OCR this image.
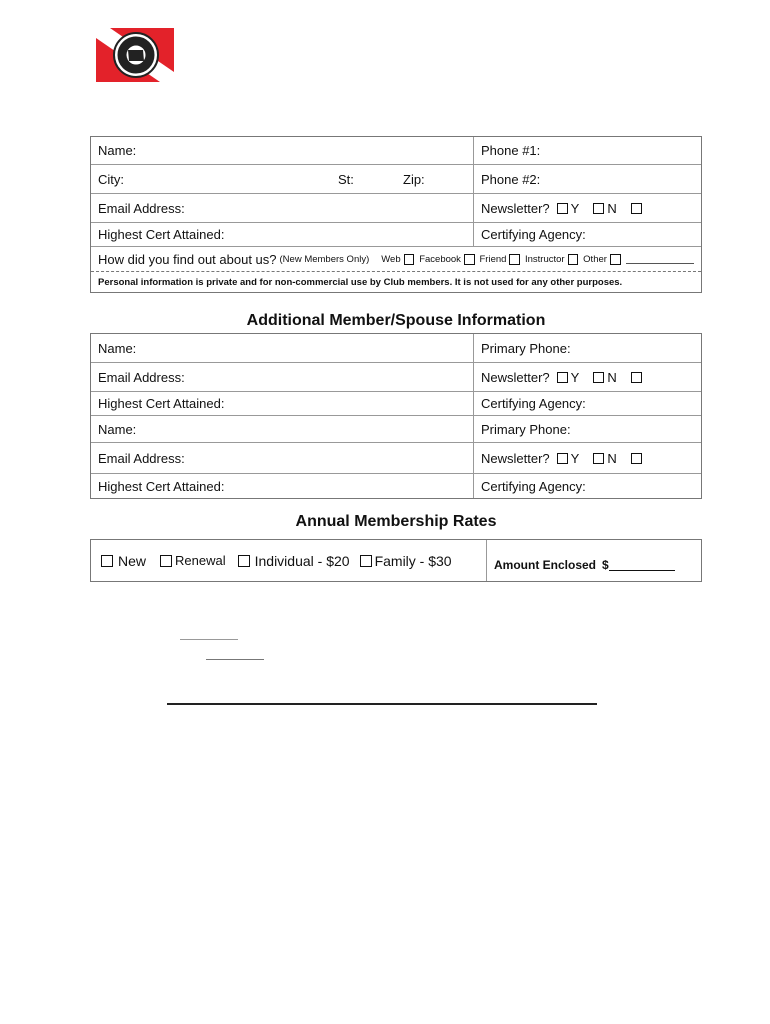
Name:	Phone #1:
City:	St:	Zip:	Phone #2:
Email Address:	Newsletter? Y N
Highest Cert Attained:	Certifying Agency:
How did you find out about us? (New Members Only) Web Facebook Friend Instructor Other
Personal information is private and for non-commercial use by Club members. It is not used for any other purposes.
Additional Member/Spouse Information
Name:	Primary Phone:
Email Address:	Newsletter? Y N
Highest Cert Attained:	Certifying Agency:
Name:	Primary Phone:
Email Address:	Newsletter? Y N
Highest Cert Attained:	Certifying Agency:
Annual Membership Rates
New Renewal Individual - $20 Family - $30	Amount Enclosed $
